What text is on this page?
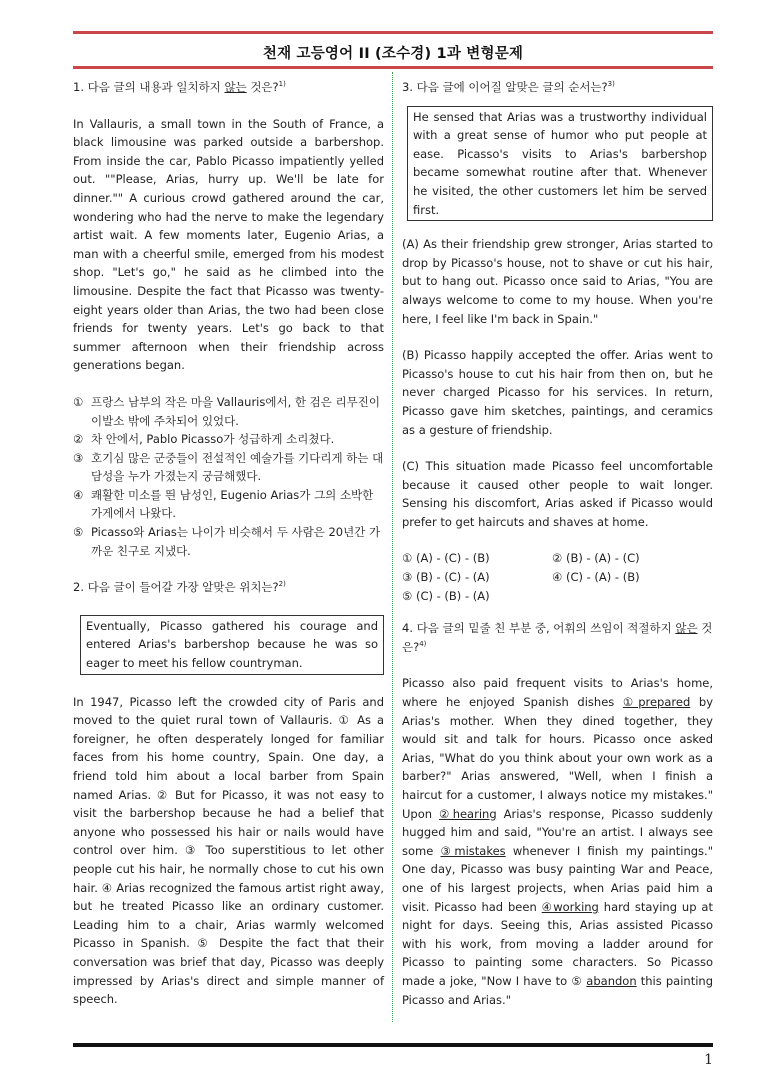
천재 고등영어 II (조수경) 1과 변형문제
1. 다음 글의 내용과 일치하지 않는 것은?$^{1)}$

In Vallauris, a small town in the South of France, a black limousine was parked outside a barbershop. From inside the car, Pablo Picasso impatiently yelled out. ""Please, Arias, hurry up. We'll be late for dinner."" A curious crowd gathered around the car, wondering who had the nerve to make the legendary artist wait. A few moments later, Eugenio Arias, a man with a cheerful smile, emerged from his modest shop. "Let's go," he said as he climbed into the limousine. Despite the fact that Picasso was twenty-eight years older than Arias, the two had been close friends for twenty years. Let's go back to that summer afternoon when their friendship across generations began.

① 프랑스 남부의 작은 마을 Vallauris에서, 한 검은 리무진이 이발소 밖에 주차되어 있었다.
② 차 안에서, Pablo Picasso가 성급하게 소리쳤다.
③ 호기심 많은 군중들이 전설적인 예술가를 기다리게 하는 대담성을 누가 가졌는지 궁금해했다.
④ 쾌활한 미소를 띈 남성인, Eugenio Arias가 그의 소박한 가게에서 나왔다.
⑤ Picasso와 Arias는 나이가 비슷해서 두 사람은 20년간 가까운 친구로 지냈다.
2. 다음 글이 들어갈 가장 알맞은 위치는?$^{2)}$

Eventually, Picasso gathered his courage and entered Arias's barbershop because he was so eager to meet his fellow countryman.

In 1947, Picasso left the crowded city of Paris and moved to the quiet rural town of Vallauris. ① As a foreigner, he often desperately longed for familiar faces from his home country, Spain. One day, a friend told him about a local barber from Spain named Arias. ② But for Picasso, it was not easy to visit the barbershop because he had a belief that anyone who possessed his hair or nails would have control over him. ③ Too superstitious to let other people cut his hair, he normally chose to cut his own hair. ④ Arias recognized the famous artist right away, but he treated Picasso like an ordinary customer. Leading him to a chair, Arias warmly welcomed Picasso in Spanish. ⑤ Despite the fact that their conversation was brief that day, Picasso was deeply impressed by Arias's direct and simple manner of speech.

3. 다음 글에 이어질 알맞은 글의 순서는?$^{3)}$

He sensed that Arias was a trustworthy individual with a great sense of humor who put people at ease. Picasso's visits to Arias's barbershop became somewhat routine after that. Whenever he visited, the other customers let him be served first.

(A) As their friendship grew stronger, Arias started to drop by Picasso's house, not to shave or cut his hair, but to hang out. Picasso once said to Arias, "You are always welcome to come to my house. When you're here, I feel like I'm back in Spain."

(B) Picasso happily accepted the offer. Arias went to Picasso's house to cut his hair from then on, but he never charged Picasso for his services. In return, Picasso gave him sketches, paintings, and ceramics as a gesture of friendship.

(C) This situation made Picasso feel uncomfortable because it caused other people to wait longer. Sensing his discomfort, Arias asked if Picasso would prefer to get haircuts and shaves at home.

① (A) - (C) - (B)	② (B) - (A) - (C)
③ (B) - (C) - (A)	④ (C) - (A) - (B)
⑤ (C) - (B) - (A)
4. 다음 글의 밑줄 친 부분 중, 어휘의 쓰임이 적절하지 않은 것은?$^{4)}$

Picasso also paid frequent visits to Arias's home, where he enjoyed Spanish dishes ①prepared by Arias's mother. When they dined together, they would sit and talk for hours. Picasso once asked Arias, "What do you think about your own work as a barber?" Arias answered, "Well, when I finish a haircut for a customer, I always notice my mistakes." Upon ②hearing Arias's response, Picasso suddenly hugged him and said, "You're an artist. I always see some ③mistakes whenever I finish my paintings." One day, Picasso was busy painting War and Peace, one of his largest projects, when Arias paid him a visit. Picasso had been ④working hard staying up at night for days. Seeing this, Arias assisted Picasso with his work, from moving a ladder around for Picasso to painting some characters. So Picasso made a joke, "Now I have to ⑤ abandon this painting Picasso and Arias."

1
